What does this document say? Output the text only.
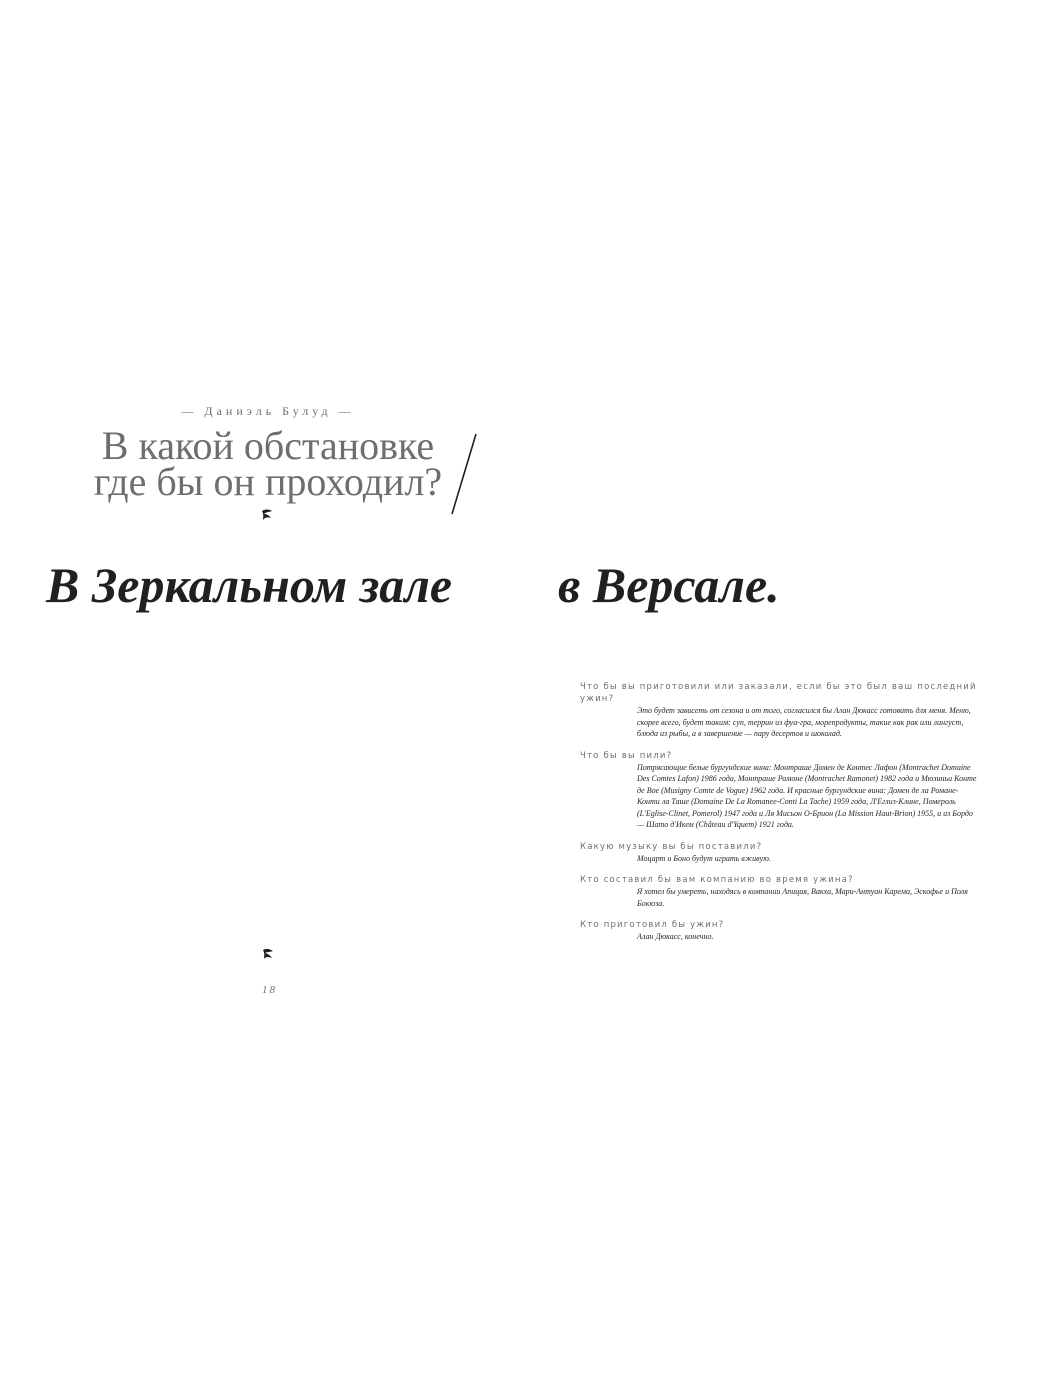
— Даниэль Булуд —
В какой обстановке
где бы он проходил?
В Зеркальном зале в Версале.
Что бы вы приготовили или заказали, если бы это был ваш последний ужин?
Это будет зависеть от сезона и от того, согласился бы Алан Дюкасс готовить для меня. Меню, скорее всего, будет таким: суп, террин из фуа-гра, морепродукты, такие как рак или лангуст, блюда из рыбы, а в завершение — пару десертов и шоколад.
Что бы вы пили?
Потрясающие белые бургундские вина: Монтраше Домен де Контес Лафон (Montrachet Domaine Des Comtes Lafon) 1986 года, Монтраше Рамоне (Montrachet Ramonet) 1982 года и Мюзиньи Конте де Вое (Musigny Comte de Vogue) 1962 года. И красные бургундские вина: Домен де ла Романе-Конти ла Таше (Domaine De La Romanee-Conti La Tache) 1959 года, Л'Еглиз-Клине, Помероль (L'Eglise-Clinet, Pomerol) 1947 года и Ля Мисьон О-Брион (La Mission Haut-Brion) 1955, и из Бордо — Шато д'Икем (Château d'Yquem) 1921 года.
Какую музыку вы бы поставили?
Моцарт и Боно будут играть вживую.
Кто составил бы вам компанию во время ужина?
Я хотел бы умереть, находясь в компании Апиция, Вакха, Мари-Антуан Карема, Эскофье и Поля Бокюза.
Кто приготовил бы ужин?
Алан Дюкасс, конечно.
18
